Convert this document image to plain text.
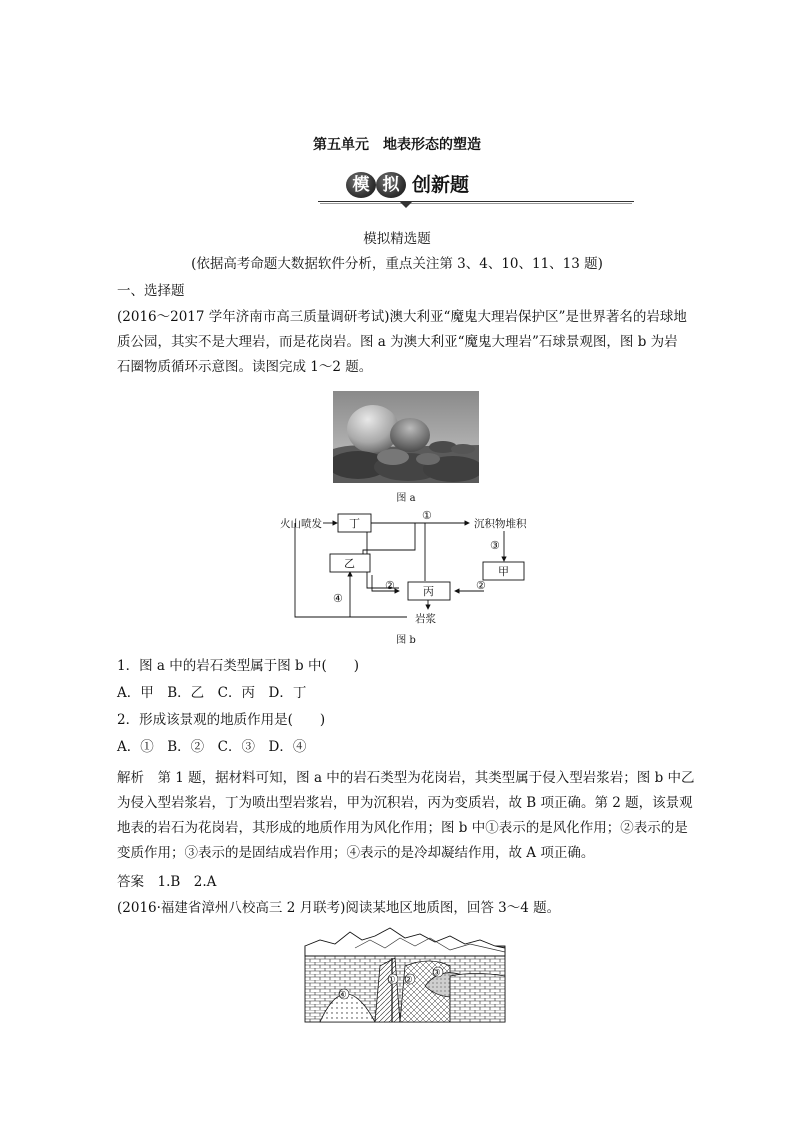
第五单元　地表形态的塑造
模 拟 创新题
模拟精选题
(依据高考命题大数据软件分析，重点关注第 3、4、10、11、13 题)
一、选择题
(2016～2017 学年济南市高三质量调研考试)澳大利亚“魔鬼大理岩保护区”是世界著名的岩球地
质公园，其实不是大理岩，而是花岗岩。图 a 为澳大利亚“魔鬼大理岩”石球景观图，图 b 为岩
石圈物质循环示意图。读图完成 1～2 题。
图 a
火山喷发 丁
乙
丙
甲
沉积物堆积
岩浆
①
②	②
③
④
图 b
1．图 a 中的岩石类型属于图 b 中(　　)
A．甲　B．乙　C．丙　D．丁
2．形成该景观的地质作用是(　　)
A．①　B．②　C．③　D．④
解析　第 1 题，据材料可知，图 a 中的岩石类型为花岗岩，其类型属于侵入型岩浆岩；图 b 中乙
为侵入型岩浆岩，丁为喷出型岩浆岩，甲为沉积岩，丙为变质岩，故 B 项正确。第 2 题，该景观
地表的岩石为花岗岩，其形成的地质作用为风化作用；图 b 中①表示的是风化作用；②表示的是
变质作用；③表示的是固结成岩作用；④表示的是冷却凝结作用，故 A 项正确。
答案　1.B　2.A
(2016·福建省漳州八校高三 2 月联考)阅读某地区地质图，回答 3～4 题。
④
① ②
③
